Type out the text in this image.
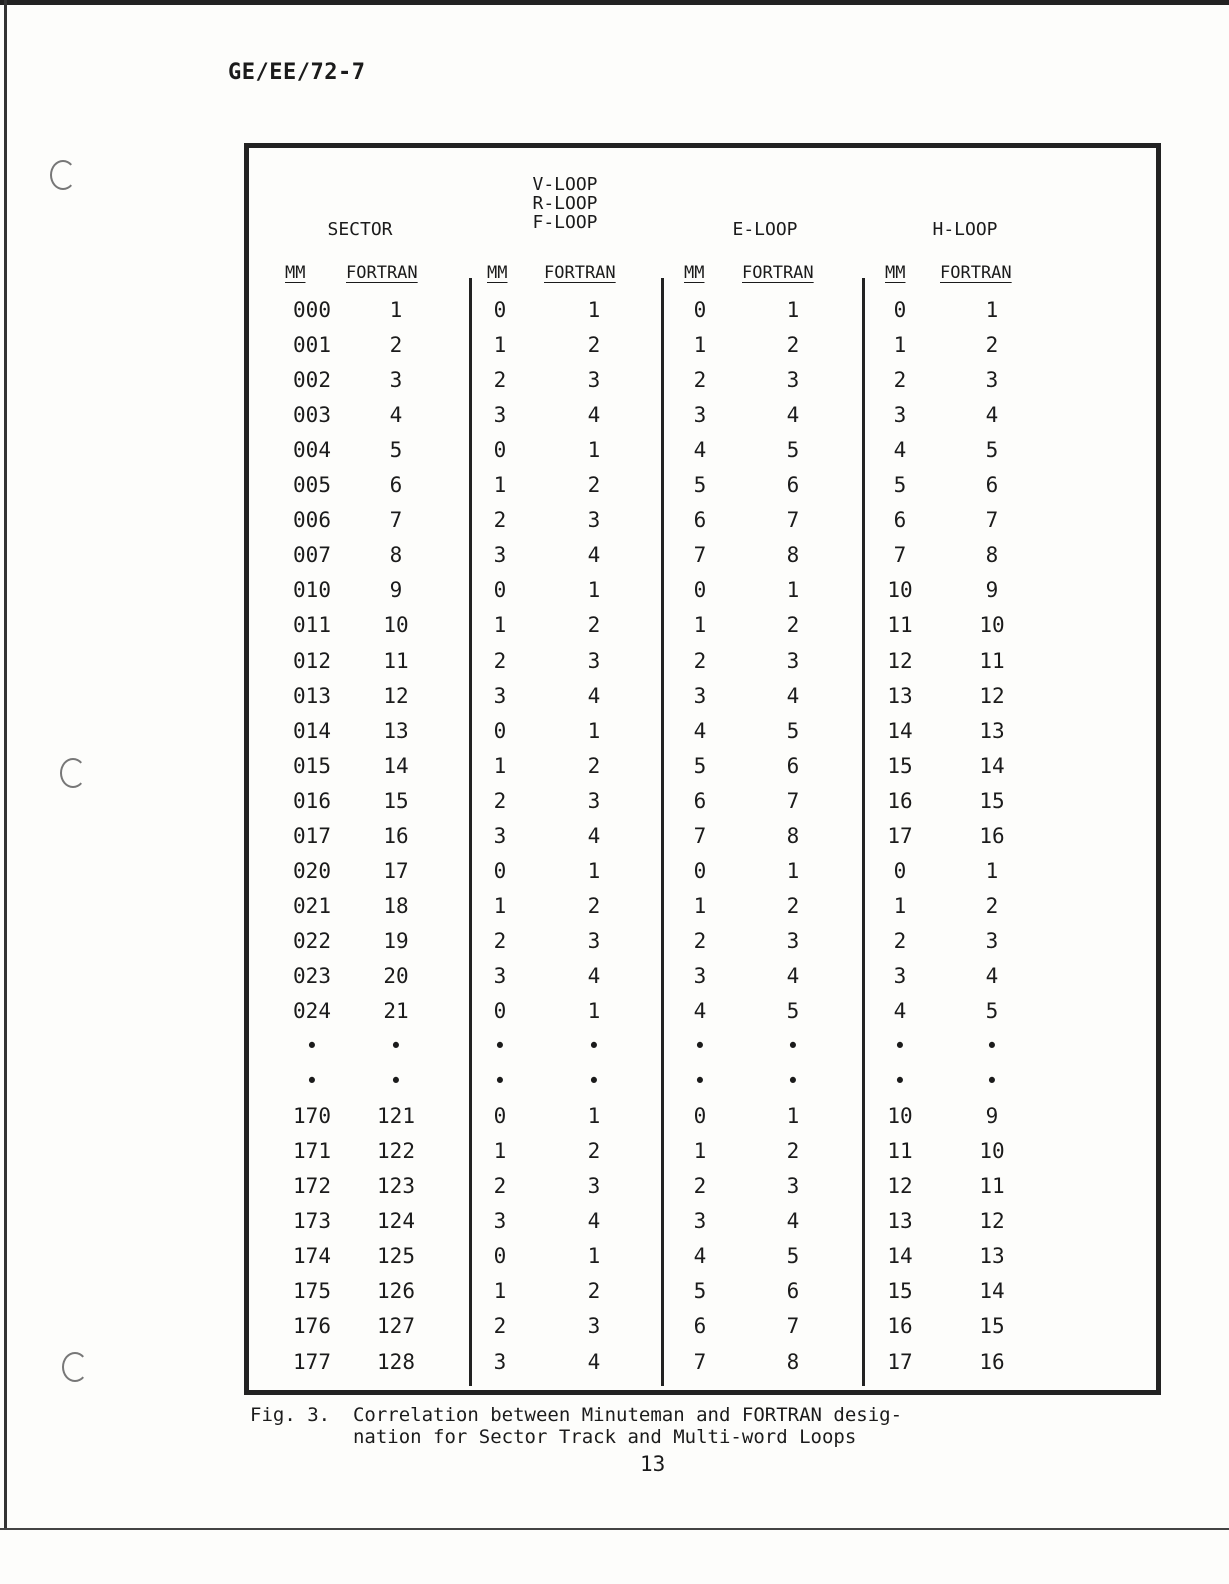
GE/EE/72-7
SECTOR
V-LOOP
R-LOOP
F-LOOP	E-LOOP	H-LOOP
MM FORTRAN	MM FORTRAN	MM FORTRAN	MM FORTRAN
000	1	0	1	0	1	0	1
001	2	1	2	1	2	1	2
002	3	2	3	2	3	2	3
003	4	3	4	3	4	3	4
004	5	0	1	4	5	4	5
005	6	1	2	5	6	5	6
006	7	2	3	6	7	6	7
007	8	3	4	7	8	7	8
010	9	0	1	0	1	10	9
011	10	1	2	1	2	11	10
012	11	2	3	2	3	12	11
013	12	3	4	3	4	13	12
014	13	0	1	4	5	14	13
015	14	1	2	5	6	15	14
016	15	2	3	6	7	16	15
017	16	3	4	7	8	17	16
020	17	0	1	0	1	0	1
021	18	1	2	1	2	1	2
022	19	2	3	2	3	2	3
023	20	3	4	3	4	3	4
024	21	0	1	4	5	4	5
•	•	•	•	•	•	•	•
•	•	•	•	•	•	•	•
170	121	0	1	0	1	10	9
171	122	1	2	1	2	11	10
172	123	2	3	2	3	12	11
173	124	3	4	3	4	13	12
174	125	0	1	4	5	14	13
175	126	1	2	5	6	15	14
176	127	2	3	6	7	16	15
177	128	3	4	7	8	17	16
Fig. 3.  Correlation between Minuteman and FORTRAN desig-
nation for Sector Track and Multi-word Loops
13
